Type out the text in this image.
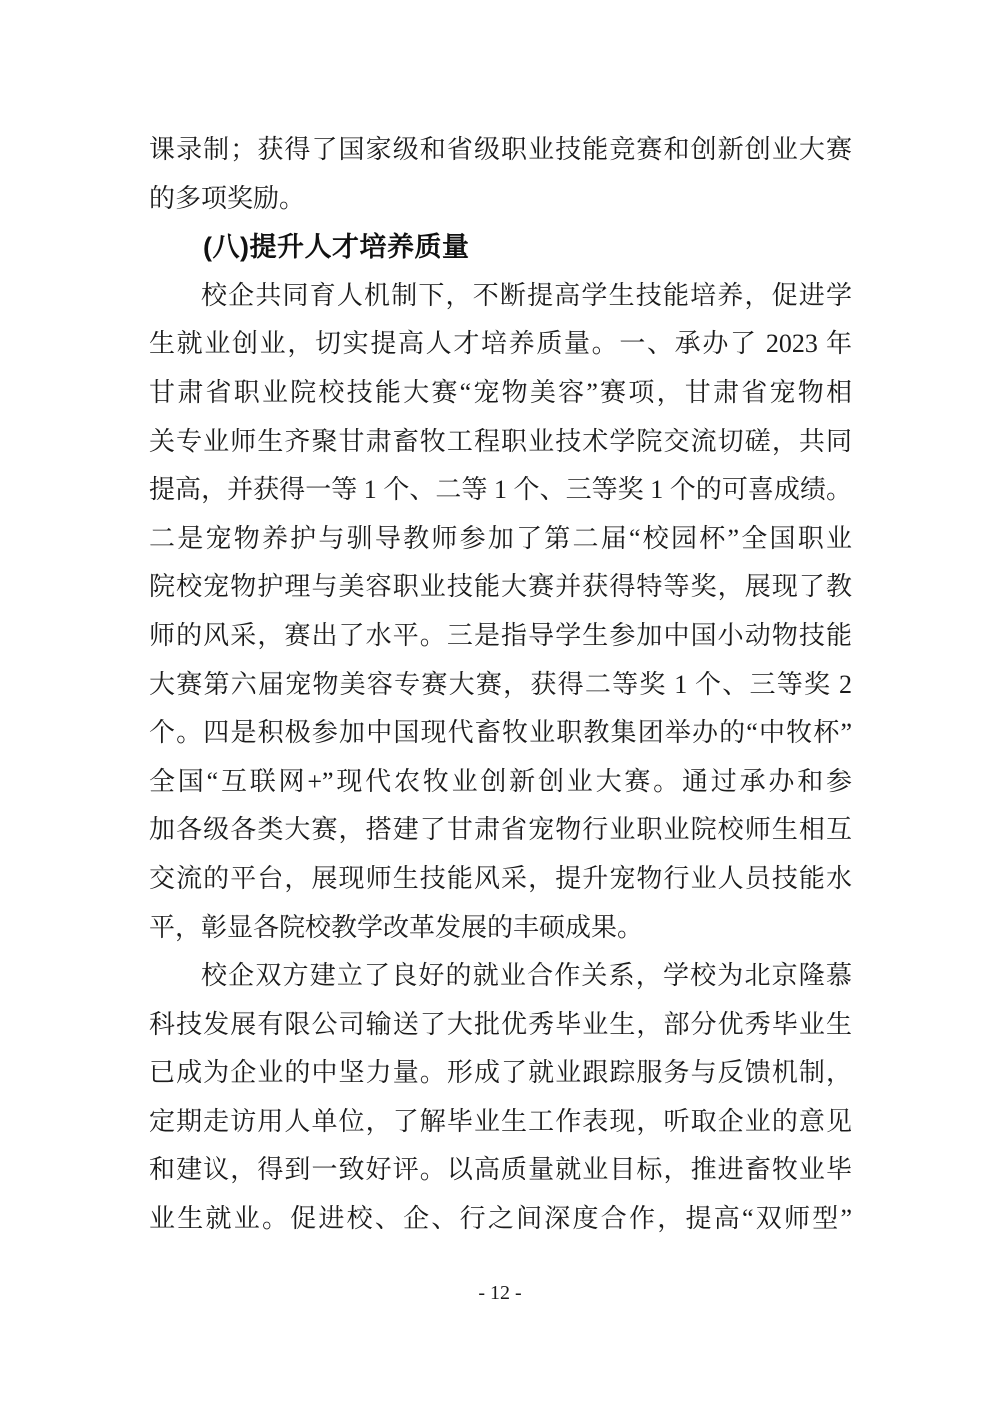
课录制；获得了国家级和省级职业技能竞赛和创新创业大赛
的多项奖励。
(八)提升人才培养质量
校企共同育人机制下，不断提高学生技能培养，促进学
生就业创业，切实提高人才培养质量。一、承办了 2023 年
甘肃省职业院校技能大赛“宠物美容”赛项，甘肃省宠物相
关专业师生齐聚甘肃畜牧工程职业技术学院交流切磋，共同
提高，并获得一等 1 个、二等 1 个、三等奖 1 个的可喜成绩。
二是宠物养护与驯导教师参加了第二届“校园杯”全国职业
院校宠物护理与美容职业技能大赛并获得特等奖，展现了教
师的风采，赛出了水平。三是指导学生参加中国小动物技能
大赛第六届宠物美容专赛大赛，获得二等奖 1 个、三等奖 2
个。四是积极参加中国现代畜牧业职教集团举办的“中牧杯”
全国“互联网+”现代农牧业创新创业大赛。通过承办和参
加各级各类大赛，搭建了甘肃省宠物行业职业院校师生相互
交流的平台，展现师生技能风采，提升宠物行业人员技能水
平，彰显各院校教学改革发展的丰硕成果。
校企双方建立了良好的就业合作关系，学校为北京隆慕
科技发展有限公司输送了大批优秀毕业生，部分优秀毕业生
已成为企业的中坚力量。形成了就业跟踪服务与反馈机制，
定期走访用人单位，了解毕业生工作表现，听取企业的意见
和建议，得到一致好评。以高质量就业目标，推进畜牧业毕
业生就业。促进校、企、行之间深度合作，提高“双师型”
- 12 -
